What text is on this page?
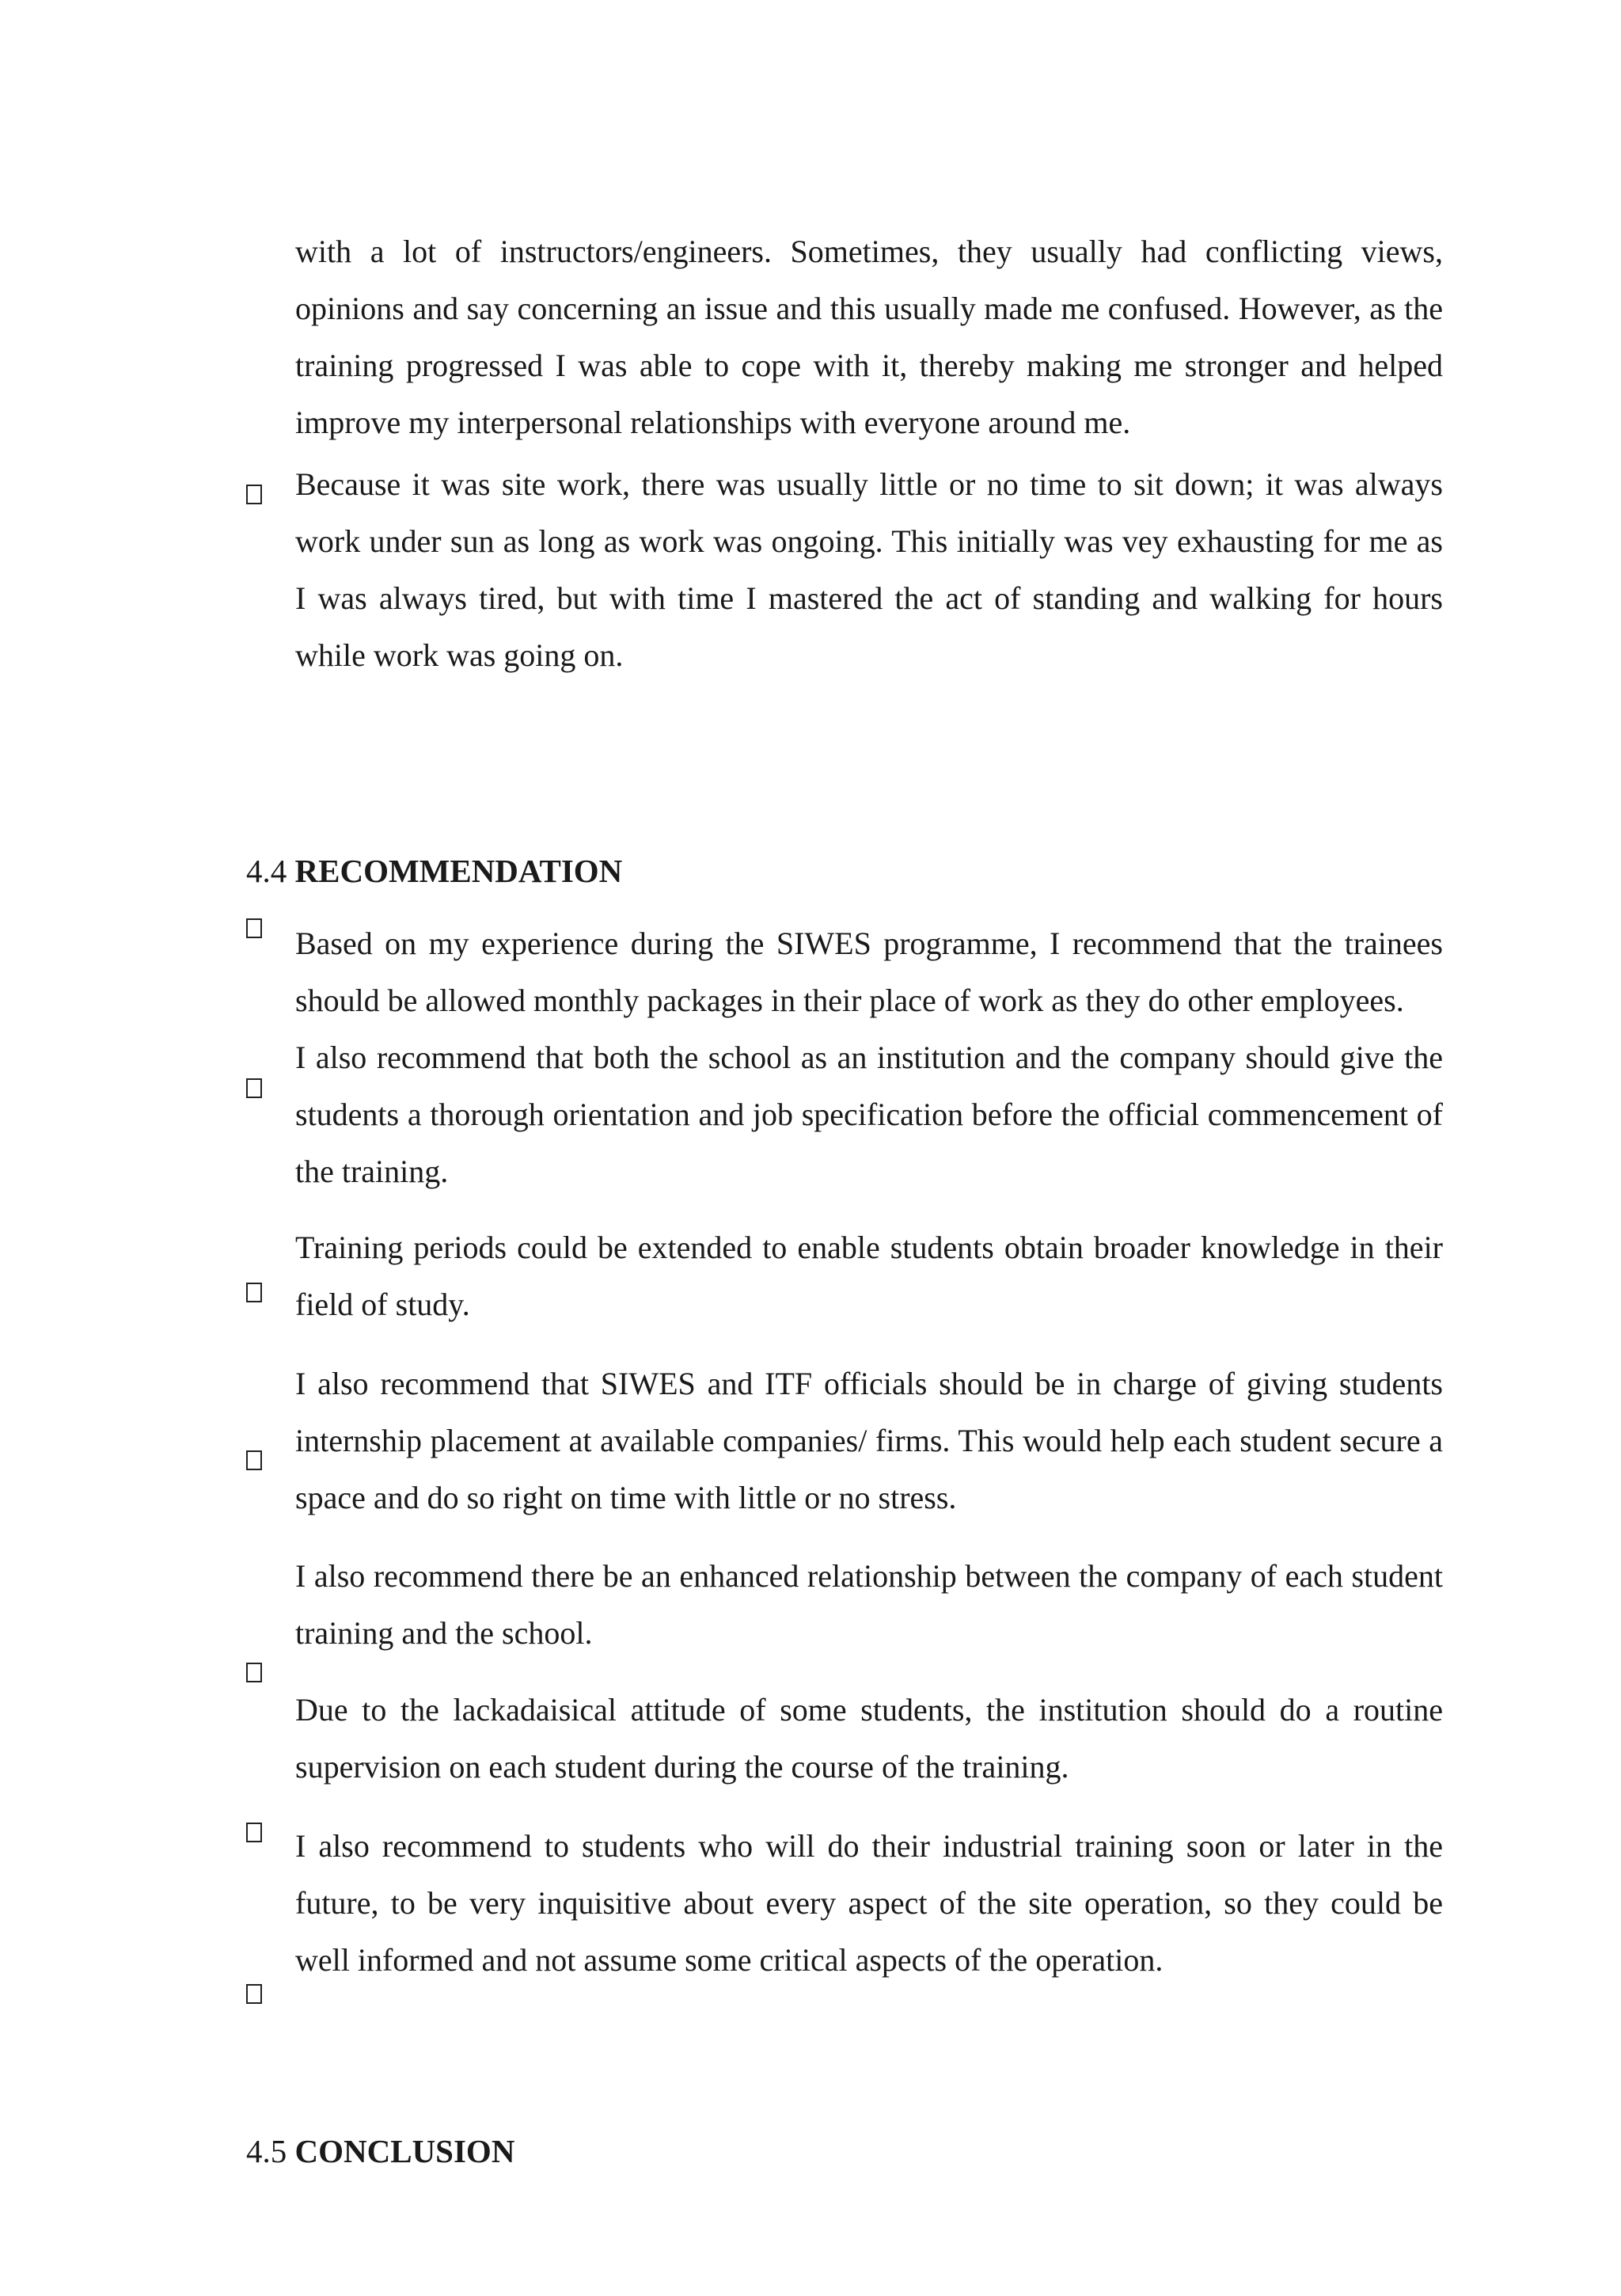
with a lot of instructors/engineers. Sometimes, they usually had conflicting views, opinions and say concerning an issue and this usually made me confused. However, as the training progressed I was able to cope with it, thereby making me stronger and helped improve my interpersonal relationships with everyone around me.

Because it was site work, there was usually little or no time to sit down; it was always work under sun as long as work was ongoing. This initially was vey exhausting for me as I was always tired, but with time I mastered the act of standing and walking for hours while work was going on.

4.4 RECOMMENDATION

Based on my experience during the SIWES programme, I recommend that the trainees should be allowed monthly packages in their place of work as they do other employees.

I also recommend that both the school as an institution and the company should give the students a thorough orientation and job specification before the official commencement of the training.

Training periods could be extended to enable students obtain broader knowledge in their field of study.

I also recommend that SIWES and ITF officials should be in charge of giving students internship placement at available companies/ firms. This would help each student secure a space and do so right on time with little or no stress.

I also recommend there be an enhanced relationship between the company of each student training and the school.

Due to the lackadaisical attitude of some students, the institution should do a routine supervision on each student during the course of the training.

I also recommend to students who will do their industrial training soon or later in the future, to be very inquisitive about every aspect of the site operation, so they could be well informed and not assume some critical aspects of the operation.

4.5 CONCLUSION
